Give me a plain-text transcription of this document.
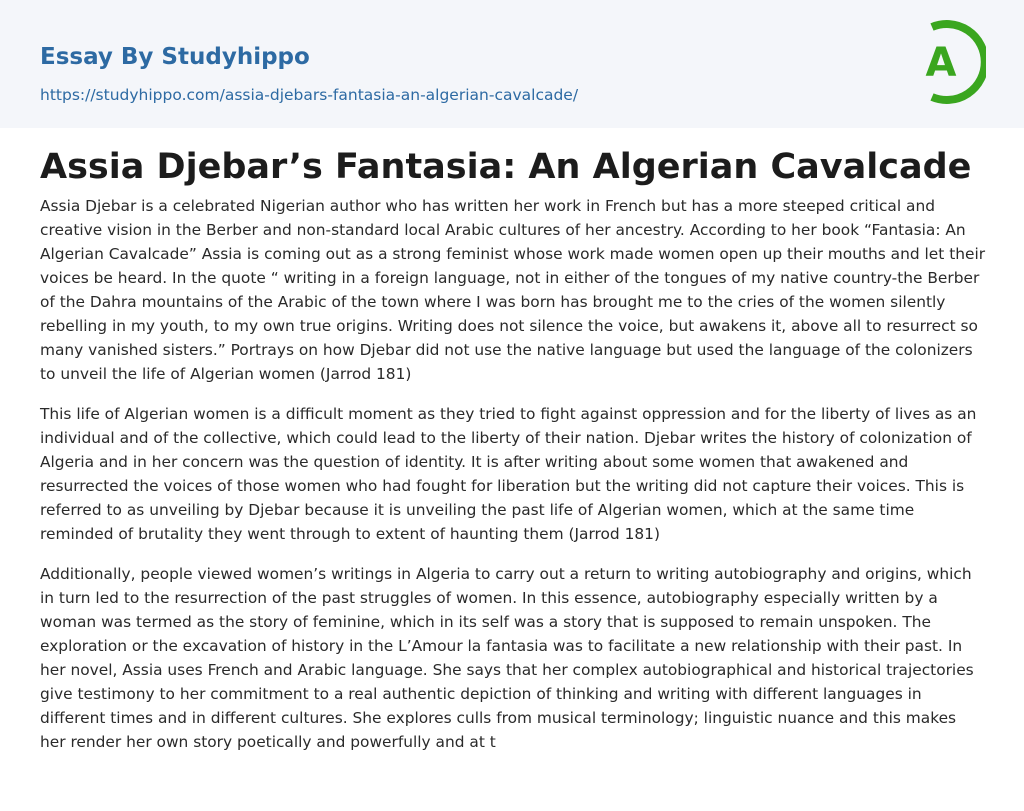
Essay By Studyhippo
https://studyhippo.com/assia-djebars-fantasia-an-algerian-cavalcade/
A
Assia Djebar’s Fantasia: An Algerian Cavalcade

Assia Djebar is a celebrated Nigerian author who has written her work in French but has a more steeped critical and creative vision in the Berber and non-standard local Arabic cultures of her ancestry. According to her book “Fantasia: An Algerian Cavalcade” Assia is coming out as a strong feminist whose work made women open up their mouths and let their voices be heard. In the quote “ writing in a foreign language, not in either of the tongues of my native country-the Berber of the Dahra mountains of the Arabic of the town where I was born has brought me to the cries of the women silently rebelling in my youth, to my own true origins. Writing does not silence the voice, but awakens it, above all to resurrect so many vanished sisters.” Portrays on how Djebar did not use the native language but used the language of the colonizers to unveil the life of Algerian women (Jarrod 181)

This life of Algerian women is a difficult moment as they tried to fight against oppression and for the liberty of lives as an individual and of the collective, which could lead to the liberty of their nation. Djebar writes the history of colonization of Algeria and in her concern was the question of identity. It is after writing about some women that awakened and resurrected the voices of those women who had fought for liberation but the writing did not capture their voices. This is referred to as unveiling by Djebar because it is unveiling the past life of Algerian women, which at the same time reminded of brutality they went through to extent of haunting them (Jarrod 181)

Additionally, people viewed women’s writings in Algeria to carry out a return to writing autobiography and origins, which in turn led to the resurrection of the past struggles of women. In this essence, autobiography especially written by a woman was termed as the story of feminine, which in its self was a story that is supposed to remain unspoken. The exploration or the excavation of history in the L’Amour la fantasia was to facilitate a new relationship with their past. In her novel, Assia uses French and Arabic language. She says that her complex autobiographical and historical trajectories give testimony to her commitment to a real authentic depiction of thinking and writing with different languages in different times and in different cultures. She explores culls from musical terminology; linguistic nuance and this makes her render her own story poetically and powerfully and at t
